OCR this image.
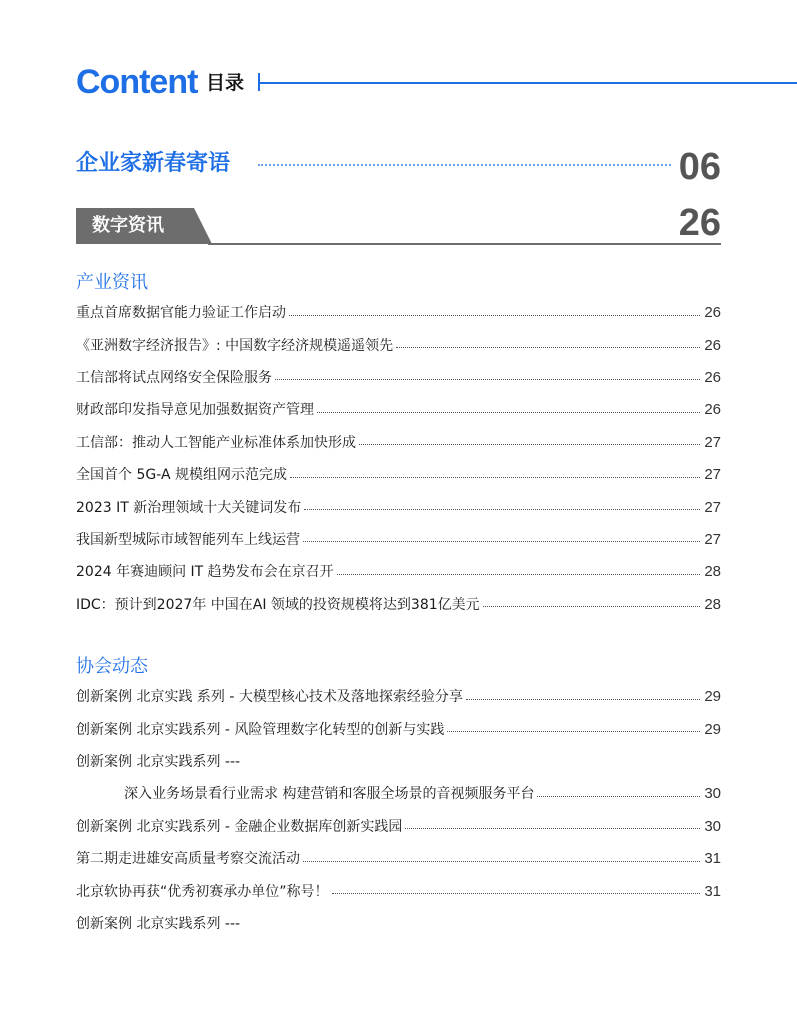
Content 目录
企业家新春寄语	06
数字资讯	26
产业资讯
重点首席数据官能力验证工作启动	26
《亚洲数字经济报告》: 中国数字经济规模遥遥领先	26
工信部将试点网络安全保险服务	26
财政部印发指导意见加强数据资产管理	26
工信部：推动人工智能产业标准体系加快形成	27
全国首个 5G-A 规模组网示范完成	27
2023 IT 新治理领域十大关键词发布	27
我国新型城际市域智能列车上线运营	27
2024 年赛迪顾问 IT 趋势发布会在京召开	28
IDC：预计到2027年 中国在AI 领域的投资规模将达到381亿美元	28
协会动态
创新案例 北京实践 系列 - 大模型核心技术及落地探索经验分享	29
创新案例 北京实践系列 - 风险管理数字化转型的创新与实践	29
创新案例 北京实践系列 ---
深入业务场景看行业需求 构建营销和客服全场景的音视频服务平台	30
创新案例 北京实践系列 - 金融企业数据库创新实践园	30
第二期走进雄安高质量考察交流活动	31
北京软协再获“优秀初赛承办单位”称号！	31
创新案例 北京实践系列 ---
